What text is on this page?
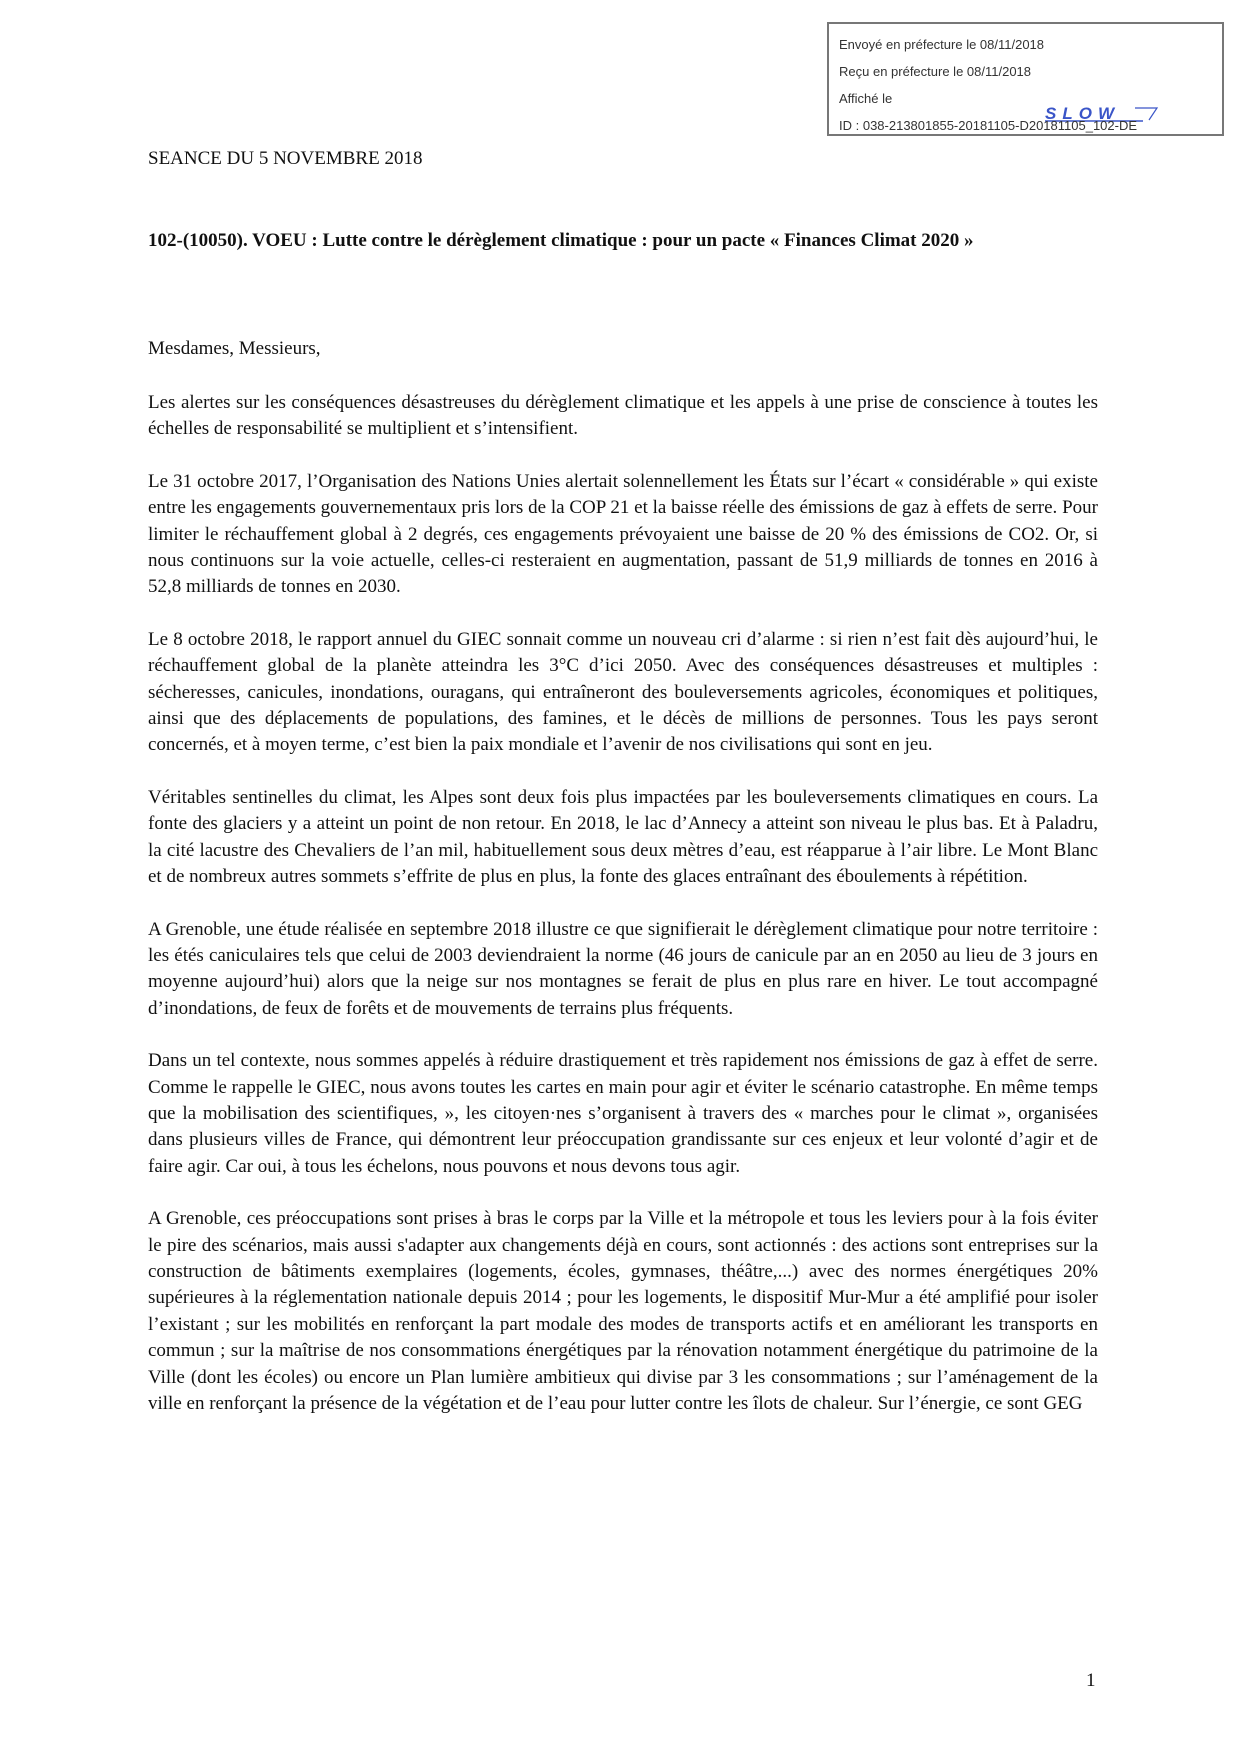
Envoyé en préfecture le 08/11/2018
Reçu en préfecture le 08/11/2018
Affiché le
SLOW
ID : 038-213801855-20181105-D20181105_102-DE

SEANCE DU 5 NOVEMBRE 2018

102-(10050). VOEU : Lutte contre le dérèglement climatique : pour un pacte « Finances Climat 2020 »

Mesdames, Messieurs,

Les alertes sur les conséquences désastreuses du dérèglement climatique et les appels à une prise de conscience à toutes les échelles de responsabilité se multiplient et s’intensifient.

Le 31 octobre 2017, l’Organisation des Nations Unies alertait solennellement les États sur l’écart « considérable » qui existe entre les engagements gouvernementaux pris lors de la COP 21 et la baisse réelle des émissions de gaz à effets de serre. Pour limiter le réchauffement global à 2 degrés, ces engagements prévoyaient une baisse de 20 % des émissions de CO2. Or, si nous continuons sur la voie actuelle, celles-ci resteraient en augmentation, passant de 51,9 milliards de tonnes en 2016 à 52,8 milliards de tonnes en 2030.

Le 8 octobre 2018, le rapport annuel du GIEC sonnait comme un nouveau cri d’alarme : si rien n’est fait dès aujourd’hui, le réchauffement global de la planète atteindra les 3°C d’ici 2050. Avec des conséquences désastreuses et multiples : sécheresses, canicules, inondations, ouragans, qui entraîneront des bouleversements agricoles, économiques et politiques, ainsi que des déplacements de populations, des famines, et le décès de millions de personnes. Tous les pays seront concernés, et à moyen terme, c’est bien la paix mondiale et l’avenir de nos civilisations qui sont en jeu.

Véritables sentinelles du climat, les Alpes sont deux fois plus impactées par les bouleversements climatiques en cours. La fonte des glaciers y a atteint un point de non retour. En 2018, le lac d’Annecy a atteint son niveau le plus bas. Et à Paladru, la cité lacustre des Chevaliers de l’an mil, habituellement sous deux mètres d’eau, est réapparue à l’air libre. Le Mont Blanc et de nombreux autres sommets s’effrite de plus en plus, la fonte des glaces entraînant des éboulements à répétition.

A Grenoble, une étude réalisée en septembre 2018 illustre ce que signifierait le dérèglement climatique pour notre territoire : les étés caniculaires tels que celui de 2003 deviendraient la norme (46 jours de canicule par an en 2050 au lieu de 3 jours en moyenne aujourd’hui) alors que la neige sur nos montagnes se ferait de plus en plus rare en hiver. Le tout accompagné d’inondations, de feux de forêts et de mouvements de terrains plus fréquents.

Dans un tel contexte, nous sommes appelés à réduire drastiquement et très rapidement nos émissions de gaz à effet de serre. Comme le rappelle le GIEC, nous avons toutes les cartes en main pour agir et éviter le scénario catastrophe. En même temps que la mobilisation des scientifiques, », les citoyen·nes s’organisent à travers des « marches pour le climat », organisées dans plusieurs villes de France, qui démontrent leur préoccupation grandissante sur ces enjeux et leur volonté d’agir et de faire agir. Car oui, à tous les échelons, nous pouvons et nous devons tous agir.

A Grenoble, ces préoccupations sont prises à bras le corps par la Ville et la métropole et tous les leviers pour à la fois éviter le pire des scénarios, mais aussi s'adapter aux changements déjà en cours, sont actionnés : des actions sont entreprises sur la construction de bâtiments exemplaires (logements, écoles, gymnases, théâtre,...) avec des normes énergétiques 20% supérieures à la réglementation nationale depuis 2014 ; pour les logements, le dispositif Mur-Mur a été amplifié pour isoler l’existant ; sur les mobilités en renforçant la part modale des modes de transports actifs et en améliorant les transports en commun ; sur la maîtrise de nos consommations énergétiques par la rénovation notamment énergétique du patrimoine de la Ville (dont les écoles) ou encore un Plan lumière ambitieux qui divise par 3 les consommations ; sur l’aménagement de la ville en renforçant la présence de la végétation et de l’eau pour lutter contre les îlots de chaleur. Sur l’énergie, ce sont GEG

1
